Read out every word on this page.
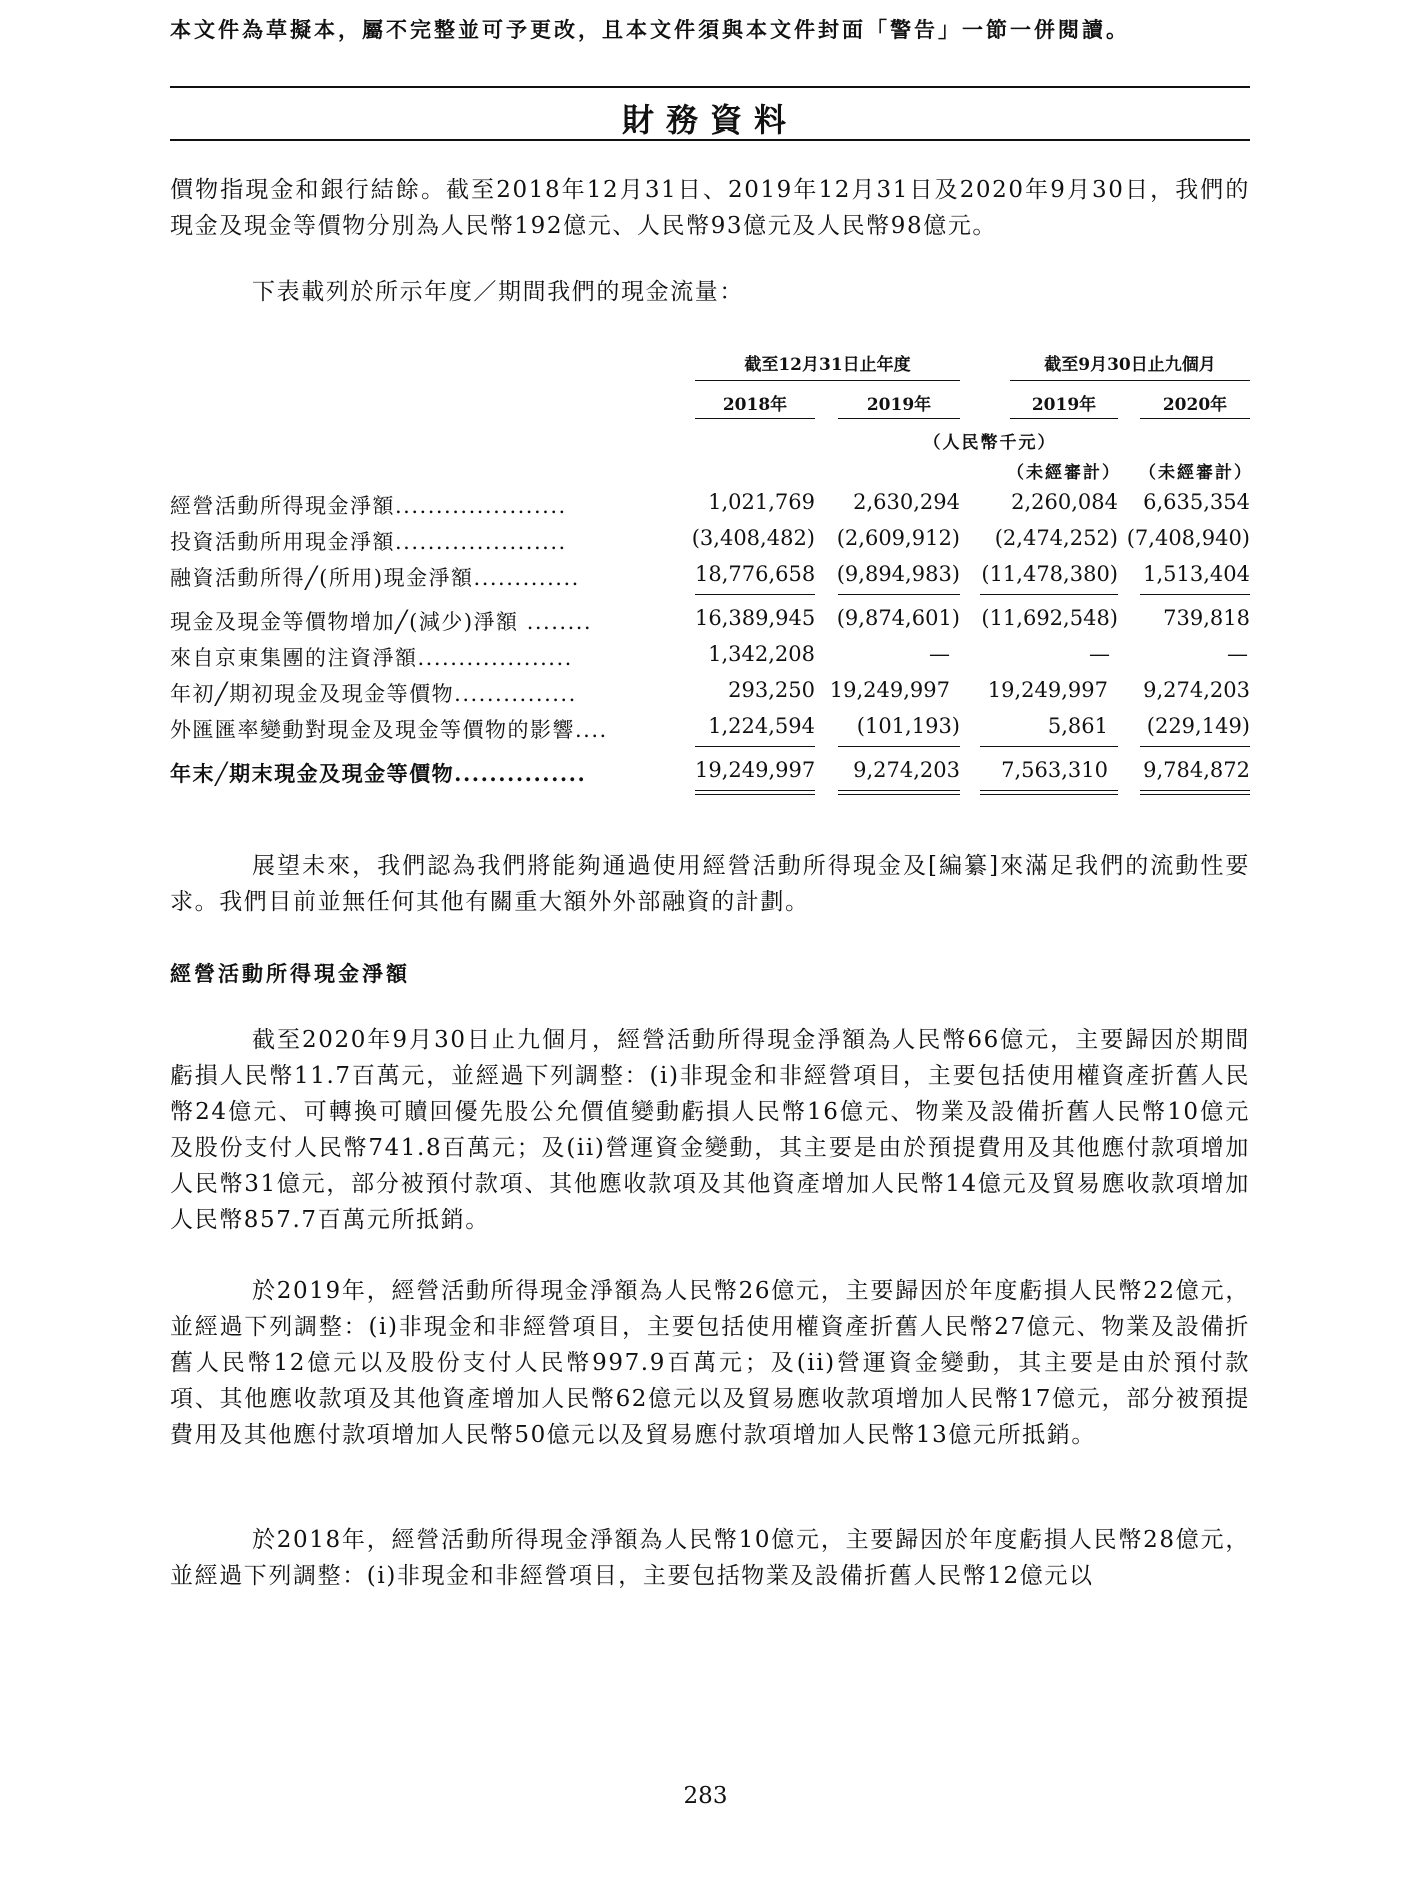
本文件為草擬本，屬不完整並可予更改，且本文件須與本文件封面「警告」一節一併閱讀。
財務資料
價物指現金和銀行結餘。截至2018年12月31日、2019年12月31日及2020年9月30日，我們的現金及現金等價物分別為人民幣192億元、人民幣93億元及人民幣98億元。
下表載列於所示年度／期間我們的現金流量：
截至12月31日止年度	截至9月30日止九個月
2018年	2019年	2019年	2020年
（人民幣千元）
（未經審計）	（未經審計）
經營活動所得現金淨額.....................	1,021,769	2,630,294	2,260,084	6,635,354
投資活動所用現金淨額.....................	(3,408,482)	(2,609,912)	(2,474,252) (7,408,940)
融資活動所得╱(所用)現金淨額.............	18,776,658	(9,894,983)	(11,478,380)	1,513,404
現金及現金等價物增加╱(減少)淨額 ........	16,389,945	(9,874,601)	(11,692,548)	739,818
來自京東集團的注資淨額...................	1,342,208	—	—	—
年初╱期初現金及現金等價物...............	293,250 19,249,997	19,249,997	9,274,203
外匯匯率變動對現金及現金等價物的影響....	1,224,594	(101,193)	5,861	(229,149)
年末╱期末現金及現金等價物...............	19,249,997	9,274,203	7,563,310	9,784,872
展望未來，我們認為我們將能夠通過使用經營活動所得現金及[編纂]來滿足我們的流動性要求。我們目前並無任何其他有關重大額外外部融資的計劃。
經營活動所得現金淨額
截至2020年9月30日止九個月，經營活動所得現金淨額為人民幣66億元，主要歸因於期間虧損人民幣11.7百萬元，並經過下列調整：(i)非現金和非經營項目，主要包括使用權資產折舊人民幣24億元、可轉換可贖回優先股公允價值變動虧損人民幣16億元、物業及設備折舊人民幣10億元及股份支付人民幣741.8百萬元；及(ii)營運資金變動，其主要是由於預提費用及其他應付款項增加人民幣31億元，部分被預付款項、其他應收款項及其他資產增加人民幣14億元及貿易應收款項增加人民幣857.7百萬元所抵銷。
於2019年，經營活動所得現金淨額為人民幣26億元，主要歸因於年度虧損人民幣22億元，並經過下列調整：(i)非現金和非經營項目，主要包括使用權資產折舊人民幣27億元、物業及設備折舊人民幣12億元以及股份支付人民幣997.9百萬元；及(ii)營運資金變動，其主要是由於預付款項、其他應收款項及其他資產增加人民幣62億元以及貿易應收款項增加人民幣17億元，部分被預提費用及其他應付款項增加人民幣50億元以及貿易應付款項增加人民幣13億元所抵銷。
於2018年，經營活動所得現金淨額為人民幣10億元，主要歸因於年度虧損人民幣28億元，並經過下列調整：(i)非現金和非經營項目，主要包括物業及設備折舊人民幣12億元以
283
